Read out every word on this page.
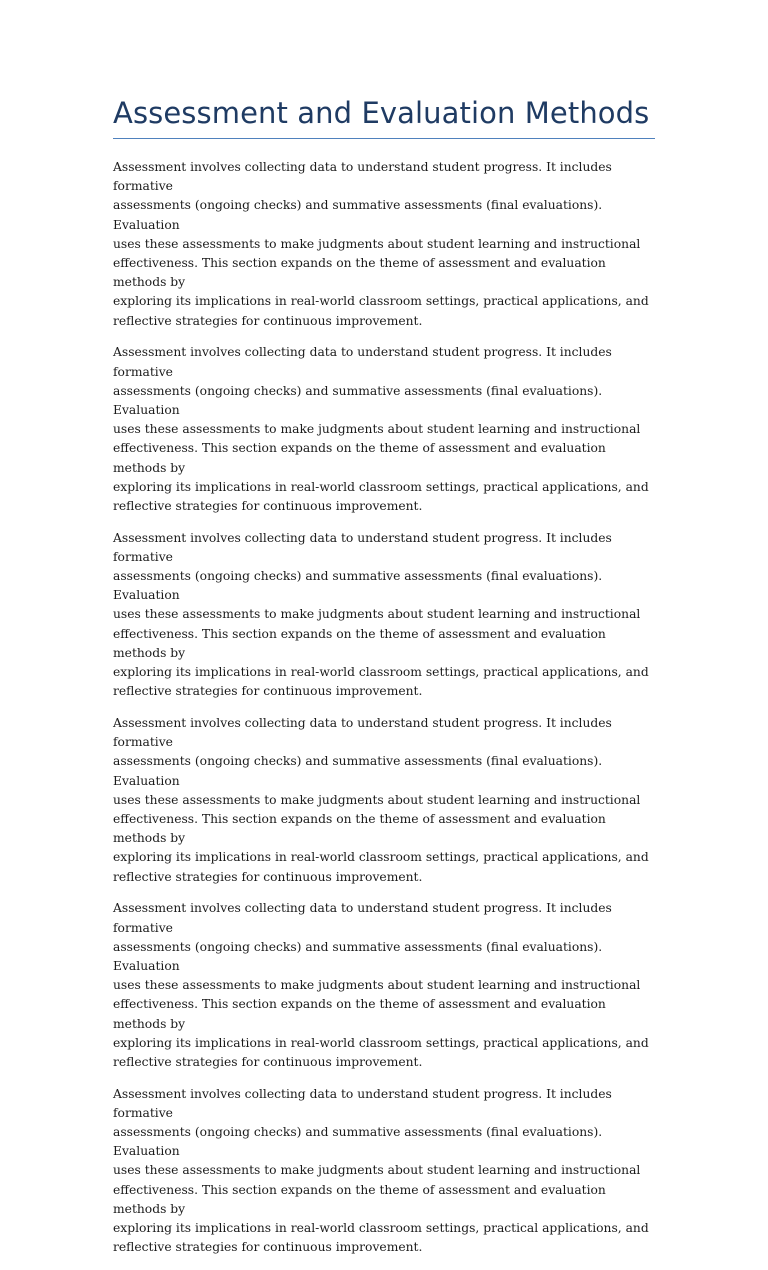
Assessment and Evaluation Methods

Assessment involves collecting data to understand student progress. It includes formative
assessments (ongoing checks) and summative assessments (final evaluations). Evaluation
uses these assessments to make judgments about student learning and instructional
effectiveness. This section expands on the theme of assessment and evaluation methods by
exploring its implications in real-world classroom settings, practical applications, and
reflective strategies for continuous improvement.

Assessment involves collecting data to understand student progress. It includes formative
assessments (ongoing checks) and summative assessments (final evaluations). Evaluation
uses these assessments to make judgments about student learning and instructional
effectiveness. This section expands on the theme of assessment and evaluation methods by
exploring its implications in real-world classroom settings, practical applications, and
reflective strategies for continuous improvement.

Assessment involves collecting data to understand student progress. It includes formative
assessments (ongoing checks) and summative assessments (final evaluations). Evaluation
uses these assessments to make judgments about student learning and instructional
effectiveness. This section expands on the theme of assessment and evaluation methods by
exploring its implications in real-world classroom settings, practical applications, and
reflective strategies for continuous improvement.

Assessment involves collecting data to understand student progress. It includes formative
assessments (ongoing checks) and summative assessments (final evaluations). Evaluation
uses these assessments to make judgments about student learning and instructional
effectiveness. This section expands on the theme of assessment and evaluation methods by
exploring its implications in real-world classroom settings, practical applications, and
reflective strategies for continuous improvement.

Assessment involves collecting data to understand student progress. It includes formative
assessments (ongoing checks) and summative assessments (final evaluations). Evaluation
uses these assessments to make judgments about student learning and instructional
effectiveness. This section expands on the theme of assessment and evaluation methods by
exploring its implications in real-world classroom settings, practical applications, and
reflective strategies for continuous improvement.

Assessment involves collecting data to understand student progress. It includes formative
assessments (ongoing checks) and summative assessments (final evaluations). Evaluation
uses these assessments to make judgments about student learning and instructional
effectiveness. This section expands on the theme of assessment and evaluation methods by
exploring its implications in real-world classroom settings, practical applications, and
reflective strategies for continuous improvement.
